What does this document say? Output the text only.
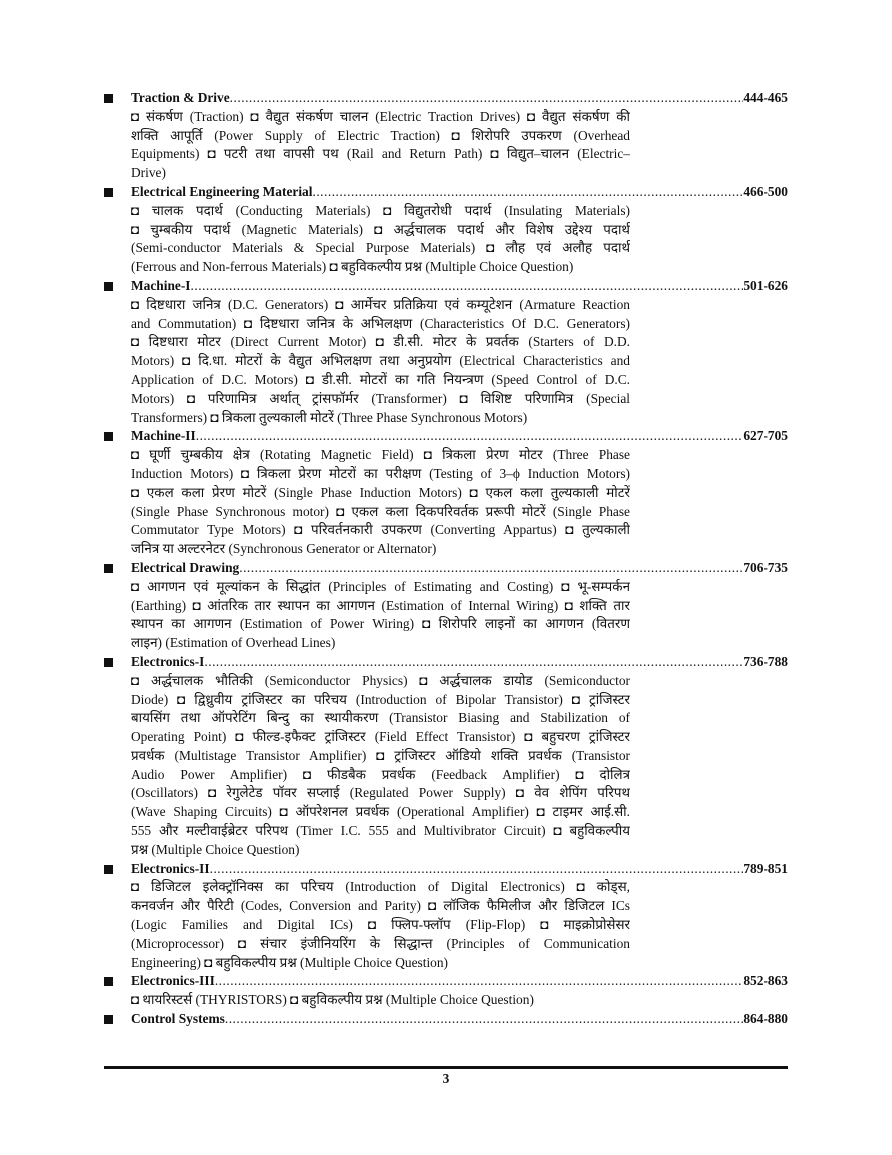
Traction & Drive .....	444-465
◘ संकर्षण (Traction) ◘ वैद्युत संकर्षण चालन (Electric Traction Drives) ◘ वैद्युत संकर्षण की
शक्ति आपूर्ति (Power Supply of Electric Traction) ◘ शिरोपरि उपकरण (Overhead
Equipments) ◘ पटरी तथा वापसी पथ (Rail and Return Path) ◘ विद्युत–चालन (Electric–
Drive)
Electrical Engineering Material .....	466-500
◘ चालक पदार्थ (Conducting Materials) ◘ विद्युतरोधी पदार्थ (Insulating Materials)
◘ चुम्बकीय पदार्थ (Magnetic Materials) ◘ अर्द्धचालक पदार्थ और विशेष उद्देश्य पदार्थ
(Semi-conductor Materials & Special Purpose Materials) ◘ लौह एवं अलौह पदार्थ
(Ferrous and Non-ferrous Materials) ◘ बहुविकल्पीय प्रश्न (Multiple Choice Question)
Machine-I .....	501-626
◘ दिष्टधारा जनित्र (D.C. Generators) ◘ आर्मेचर प्रतिक्रिया एवं कम्यूटेशन (Armature Reaction
and Commutation) ◘ दिष्टधारा जनित्र के अभिलक्षण (Characteristics Of D.C. Generators)
◘ दिष्टधारा मोटर (Direct Current Motor) ◘ डी.सी. मोटर के प्रवर्तक (Starters of D.D.
Motors) ◘ दि.धा. मोटरों के वैद्युत अभिलक्षण तथा अनुप्रयोग (Electrical Characteristics and
Application of D.C. Motors) ◘ डी.सी. मोटरों का गति नियन्त्रण (Speed Control of D.C.
Motors) ◘ परिणामित्र अर्थात् ट्रांसफॉर्मर (Transformer) ◘ विशिष्ट परिणामित्र (Special
Transformers) ◘ त्रिकला तुल्यकाली मोटरें (Three Phase Synchronous Motors)
Machine-II .....	627-705
◘ घूर्णी चुम्बकीय क्षेत्र (Rotating Magnetic Field) ◘ त्रिकला प्रेरण मोटर (Three Phase
Induction Motors) ◘ त्रिकला प्रेरण मोटरों का परीक्षण (Testing of 3–ϕ Induction Motors)
◘ एकल कला प्रेरण मोटरें (Single Phase Induction Motors) ◘ एकल कला तुल्यकाली मोटरें
(Single Phase Synchronous motor) ◘ एकल कला दिकपरिवर्तक प्ररूपी मोटरें (Single Phase
Commutator Type Motors) ◘ परिवर्तनकारी उपकरण (Converting Appartus) ◘ तुल्यकाली
जनित्र या अल्टरनेटर (Synchronous Generator or Alternator)
Electrical Drawing .....	706-735
◘ आगणन एवं मूल्यांकन के सिद्धांत (Principles of Estimating and Costing) ◘ भू-सम्पर्कन
(Earthing) ◘ आंतरिक तार स्थापन का आगणन (Estimation of Internal Wiring) ◘ शक्ति तार
स्थापन का आगणन (Estimation of Power Wiring) ◘ शिरोपरि लाइनों का आगणन (वितरण
लाइन) (Estimation of Overhead Lines)
Electronics-I .....	736-788
◘ अर्द्धचालक भौतिकी (Semiconductor Physics) ◘ अर्द्धचालक डायोड (Semiconductor
Diode) ◘ द्विध्रुवीय ट्रांजिस्टर का परिचय (Introduction of Bipolar Transistor) ◘ ट्रांजिस्टर
बायसिंग तथा ऑपरेटिंग बिन्दु का स्थायीकरण (Transistor Biasing and Stabilization of
Operating Point) ◘ फील्ड-इफैक्ट ट्रांजिस्टर (Field Effect Transistor) ◘ बहुचरण ट्रांजिस्टर
प्रवर्धक (Multistage Transistor Amplifier) ◘ ट्रांजिस्टर ऑडियो शक्ति प्रवर्धक (Transistor
Audio Power Amplifier) ◘ फीडबैक प्रवर्धक (Feedback Amplifier) ◘ दोलित्र
(Oscillators) ◘ रेगुलेटेड पॉवर सप्लाई (Regulated Power Supply) ◘ वेव शेपिंग परिपथ
(Wave Shaping Circuits) ◘ ऑपरेशनल प्रवर्धक (Operational Amplifier) ◘ टाइमर आई.सी.
555 और मल्टीवाईब्रेटर परिपथ (Timer I.C. 555 and Multivibrator Circuit) ◘ बहुविकल्पीय
प्रश्न (Multiple Choice Question)
Electronics-II .....	789-851
◘ डिजिटल इलेक्ट्रॉनिक्स का परिचय (Introduction of Digital Electronics) ◘ कोड्स,
कनवर्जन और पैरिटी (Codes, Conversion and Parity) ◘ लॉजिक फैमिलीज और डिजिटल ICs
(Logic Families and Digital ICs) ◘ फ्लिप-फ्लॉप (Flip-Flop) ◘ माइक्रोप्रोसेसर
(Microprocessor) ◘ संचार इंजीनियरिंग के सिद्धान्त (Principles of Communication
Engineering) ◘ बहुविकल्पीय प्रश्न (Multiple Choice Question)
Electronics-III .....	852-863
◘ थायरिस्टर्स (THYRISTORS) ◘ बहुविकल्पीय प्रश्न (Multiple Choice Question)
Control Systems .....	864-880
3
